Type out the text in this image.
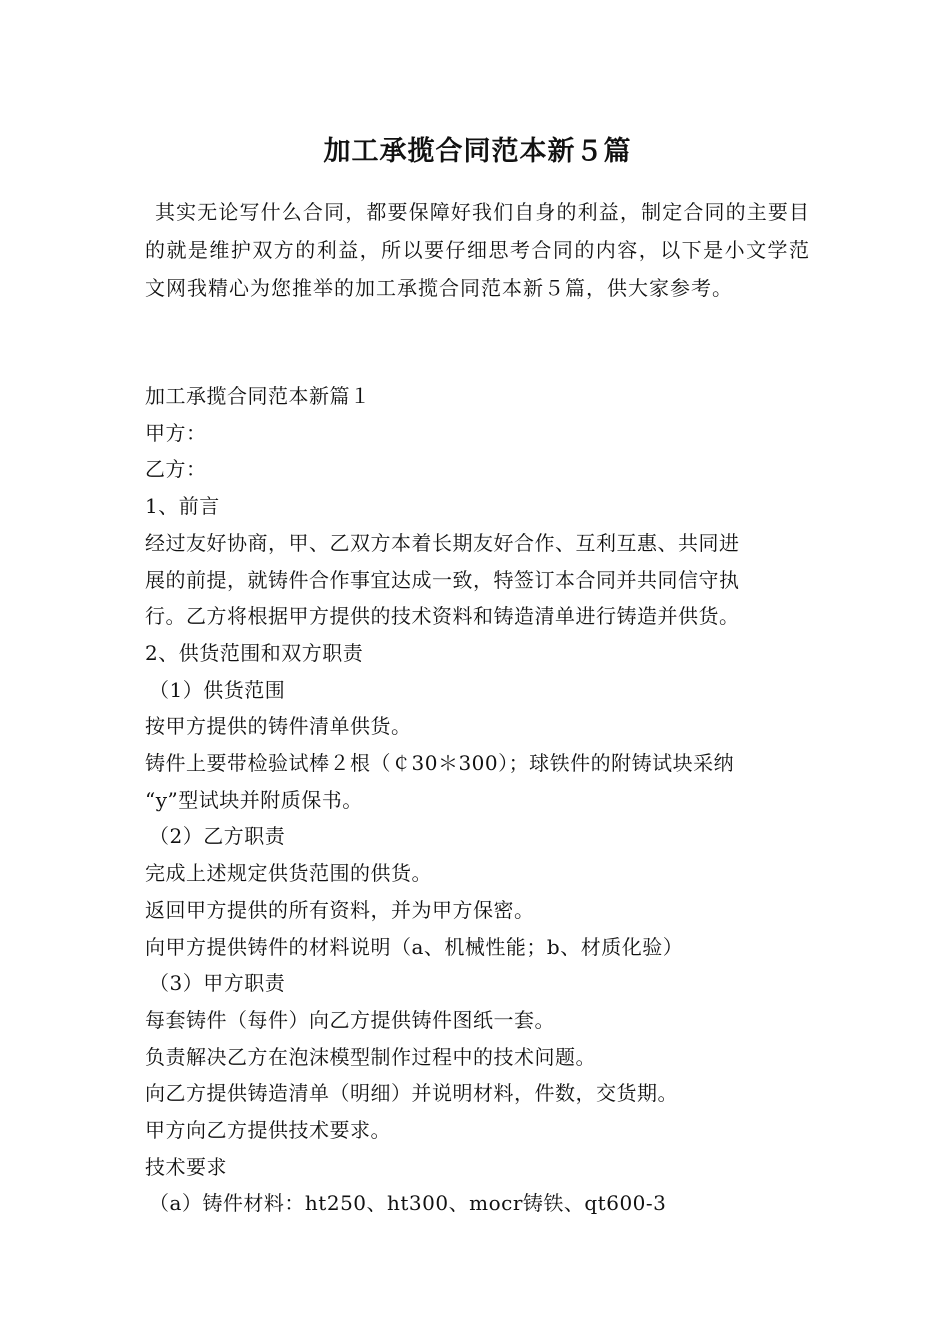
加工承揽合同范本新５篇
其实无论写什么合同，都要保障好我们自身的利益，制定合同的主要目的就是维护双方的利益，所以要仔细思考合同的内容，以下是小文学范文网我精心为您推举的加工承揽合同范本新５篇，供大家参考。

加工承揽合同范本新篇１

甲方：

乙方：

1、前言

经过友好协商，甲、乙双方本着长期友好合作、互利互惠、共同进

展的前提，就铸件合作事宜达成一致，特签订本合同并共同信守执

行。乙方将根据甲方提供的技术资料和铸造清单进行铸造并供货。

2、供货范围和双方职责

（1）供货范围

按甲方提供的铸件清单供货。

铸件上要带检验试棒２根（￠30＊300）；球铁件的附铸试块采纳

“y”型试块并附质保书。

（2）乙方职责

完成上述规定供货范围的供货。

返回甲方提供的所有资料，并为甲方保密。

向甲方提供铸件的材料说明（a、机械性能；b、材质化验）

（3）甲方职责

每套铸件（每件）向乙方提供铸件图纸一套。

负责解决乙方在泡沫模型制作过程中的技术问题。

向乙方提供铸造清单（明细）并说明材料，件数，交货期。

甲方向乙方提供技术要求。

技术要求

（a）铸件材料：ht250、ht300、mocr铸铁、qt600-3
